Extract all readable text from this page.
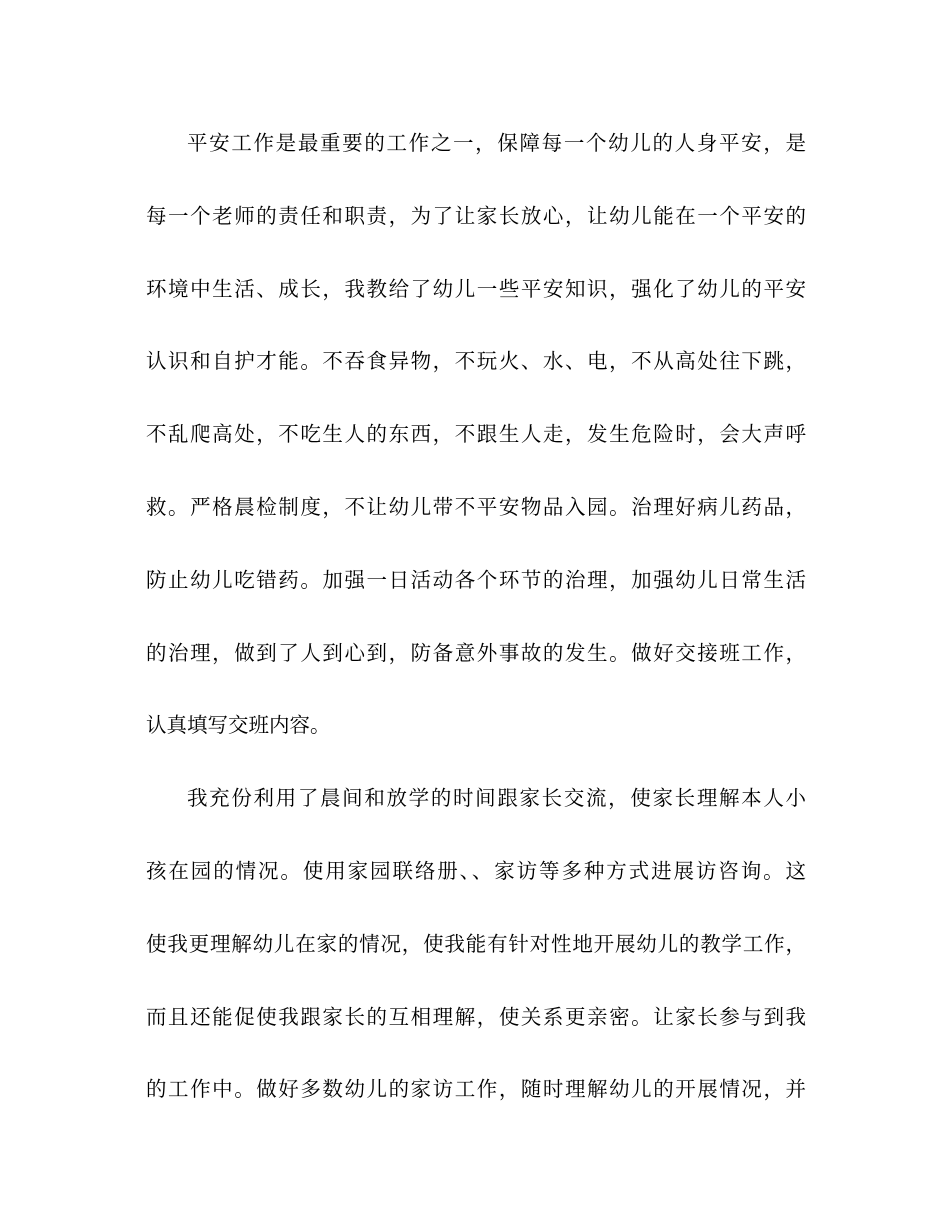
平安工作是最重要的工作之一，保障每一个幼儿的人身平安，是
每一个老师的责任和职责，为了让家长放心，让幼儿能在一个平安的
环境中生活、成长，我教给了幼儿一些平安知识，强化了幼儿的平安
认识和自护才能。不吞食异物，不玩火、水、电，不从高处往下跳，
不乱爬高处，不吃生人的东西，不跟生人走，发生危险时，会大声呼
救。严格晨检制度，不让幼儿带不平安物品入园。治理好病儿药品，
防止幼儿吃错药。加强一日活动各个环节的治理，加强幼儿日常生活
的治理，做到了人到心到，防备意外事故的发生。做好交接班工作，
认真填写交班内容。
我充份利用了晨间和放学的时间跟家长交流，使家长理解本人小
孩在园的情况。使用家园联络册、、家访等多种方式进展访咨询。这
使我更理解幼儿在家的情况，使我能有针对性地开展幼儿的教学工作，
而且还能促使我跟家长的互相理解，使关系更亲密。让家长参与到我
的工作中。做好多数幼儿的家访工作，随时理解幼儿的开展情况，并
